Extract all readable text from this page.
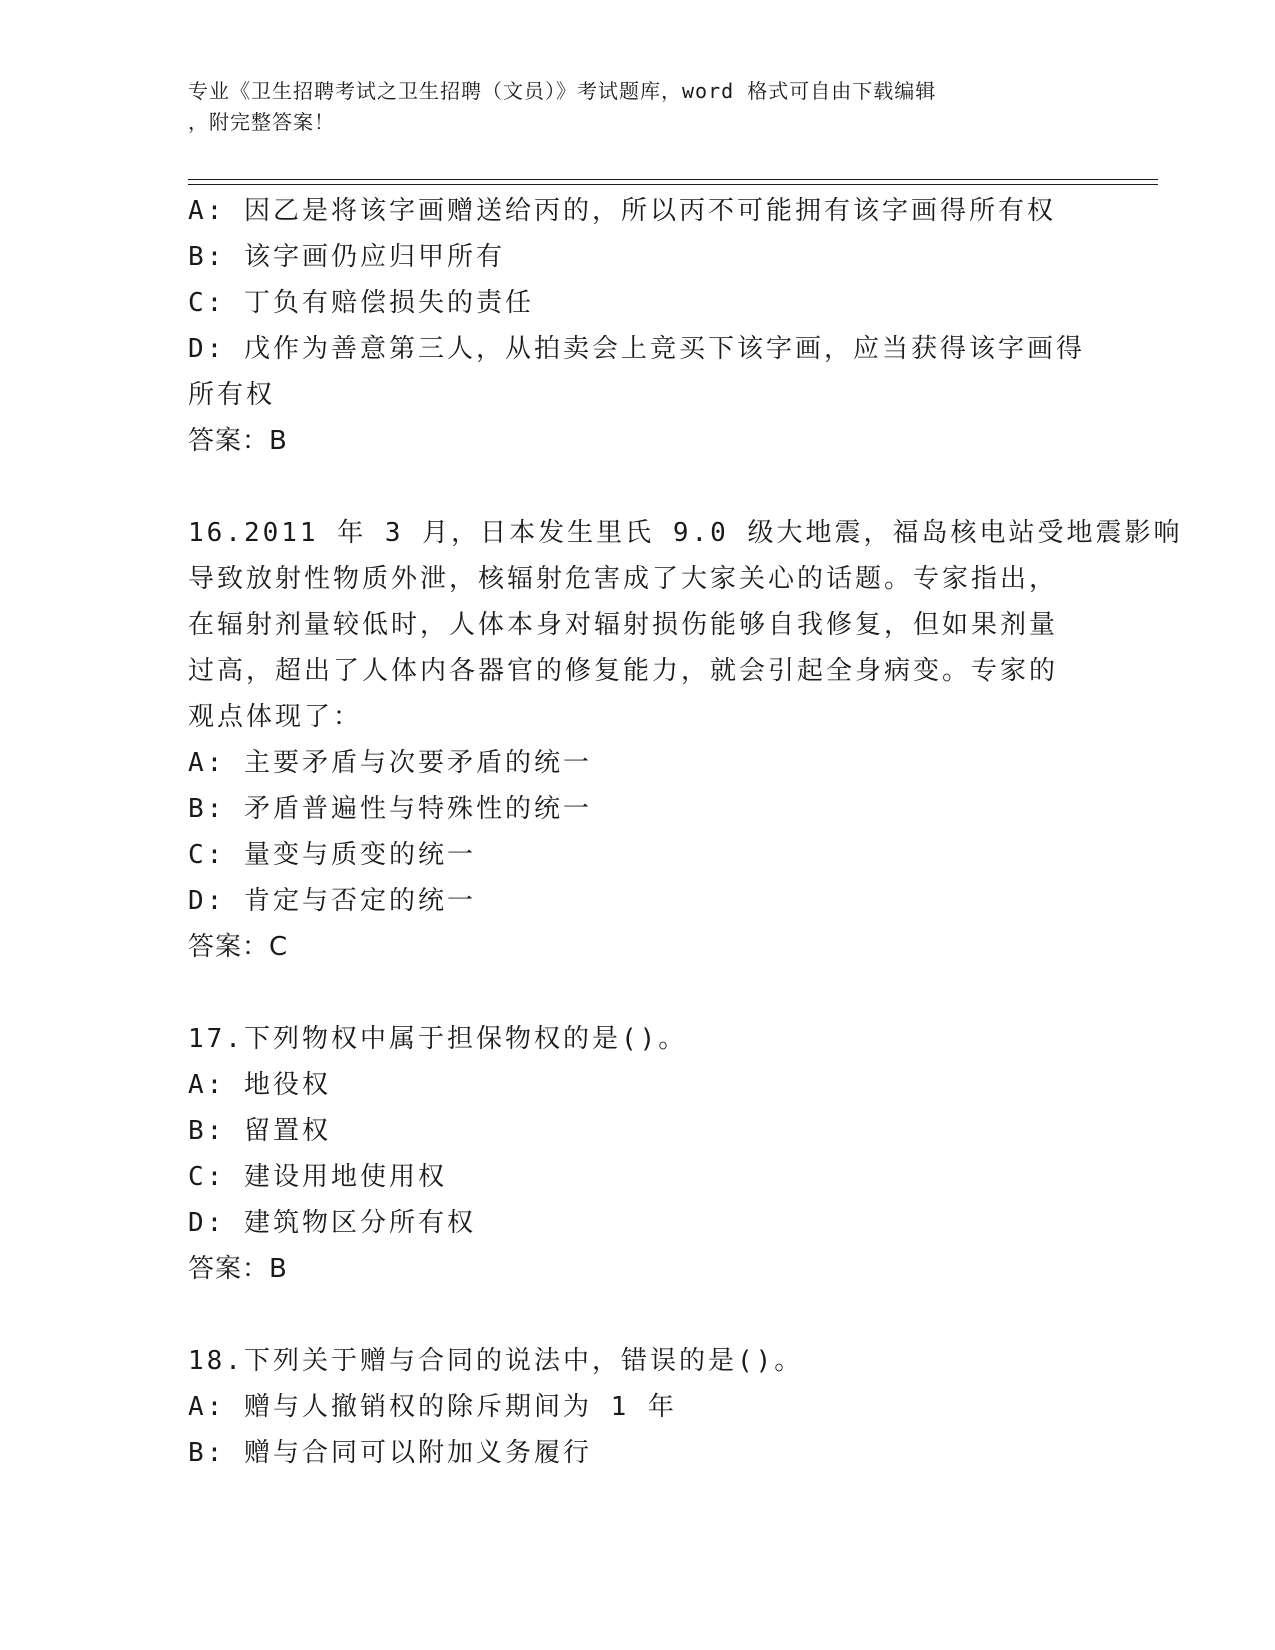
专业《卫生招聘考试之卫生招聘（文员）》考试题库，word 格式可自由下载编辑
，附完整答案！
A: 因乙是将该字画赠送给丙的，所以丙不可能拥有该字画得所有权
B: 该字画仍应归甲所有
C: 丁负有赔偿损失的责任
D: 戊作为善意第三人，从拍卖会上竞买下该字画，应当获得该字画得
所有权
答案：B
16.2011 年 3 月，日本发生里氏 9.0 级大地震，福岛核电站受地震影响
导致放射性物质外泄，核辐射危害成了大家关心的话题。专家指出，
在辐射剂量较低时，人体本身对辐射损伤能够自我修复，但如果剂量
过高，超出了人体内各器官的修复能力，就会引起全身病变。专家的
观点体现了：
A: 主要矛盾与次要矛盾的统一
B: 矛盾普遍性与特殊性的统一
C: 量变与质变的统一
D: 肯定与否定的统一
答案：C
17.下列物权中属于担保物权的是()。
A: 地役权
B: 留置权
C: 建设用地使用权
D: 建筑物区分所有权
答案：B
18.下列关于赠与合同的说法中，错误的是()。
A: 赠与人撤销权的除斥期间为 1 年
B: 赠与合同可以附加义务履行
